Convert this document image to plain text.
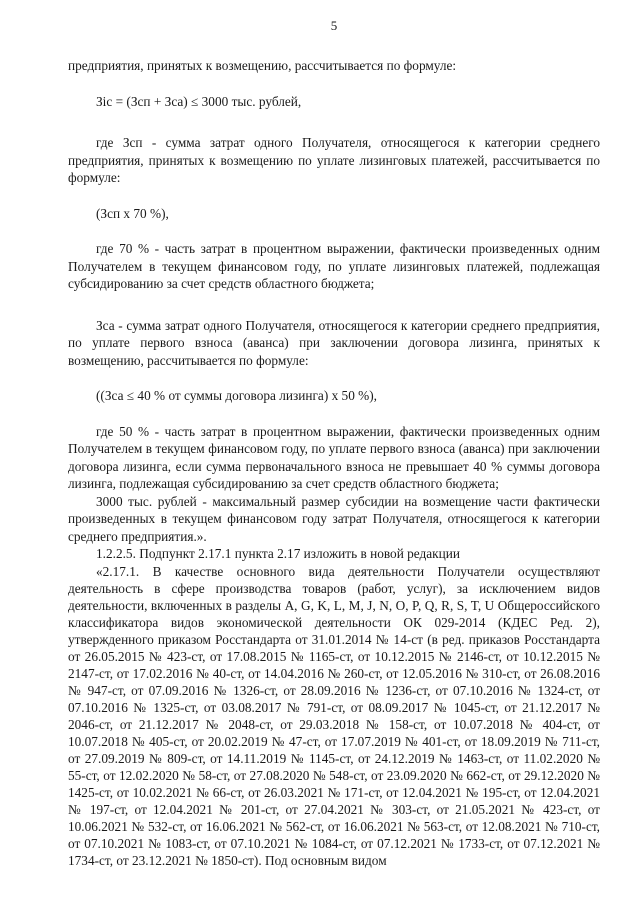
5

предприятия, принятых к возмещению, рассчитывается по формуле:

Зіс = (Зсп + Зса) ≤ 3000 тыс. рублей,

где Зсп - сумма затрат одного Получателя, относящегося к категории среднего предприятия, принятых к возмещению по уплате лизинговых платежей, рассчитывается по формуле:

(Зсп x 70 %),

где 70 % - часть затрат в процентном выражении, фактически произведенных одним Получателем в текущем финансовом году, по уплате лизинговых платежей, подлежащая субсидированию за счет средств областного бюджета;

Зса - сумма затрат одного Получателя, относящегося к категории среднего предприятия, по уплате первого взноса (аванса) при заключении договора лизинга, принятых к возмещению, рассчитывается по формуле:

((Зса ≤ 40 % от суммы договора лизинга) x 50 %),

где 50 % - часть затрат в процентном выражении, фактически произведенных одним Получателем в текущем финансовом году, по уплате первого взноса (аванса) при заключении договора лизинга, если сумма первоначального взноса не превышает 40 % суммы договора лизинга, подлежащая субсидированию за счет средств областного бюджета;

3000 тыс. рублей - максимальный размер субсидии на возмещение части фактически произведенных в текущем финансовом году затрат Получателя, относящегося к категории среднего предприятия.».

1.2.2.5. Подпункт 2.17.1 пункта 2.17 изложить в новой редакции

«2.17.1. В качестве основного вида деятельности Получатели осуществляют деятельность в сфере производства товаров (работ, услуг), за исключением видов деятельности, включенных в разделы A, G, K, L, M, J, N, O, P, Q, R, S, T, U Общероссийского классификатора видов экономической деятельности ОК 029-2014 (КДЕС Ред. 2), утвержденного приказом Росстандарта от 31.01.2014 № 14-ст (в ред. приказов Росстандарта от 26.05.2015 № 423-ст, от 17.08.2015 № 1165-ст, от 10.12.2015 № 2146-ст, от 10.12.2015 № 2147-ст, от 17.02.2016 № 40-ст, от 14.04.2016 № 260-ст, от 12.05.2016 № 310-ст, от 26.08.2016 № 947-ст, от 07.09.2016 № 1326-ст, от 28.09.2016 № 1236-ст, от 07.10.2016 № 1324-ст, от 07.10.2016 № 1325-ст, от 03.08.2017 № 791-ст, от 08.09.2017 № 1045-ст, от 21.12.2017 № 2046-ст, от 21.12.2017 № 2048-ст, от 29.03.2018 № 158-ст, от 10.07.2018 № 404-ст, от 10.07.2018 № 405-ст, от 20.02.2019 № 47-ст, от 17.07.2019 № 401-ст, от 18.09.2019 № 711-ст, от 27.09.2019 № 809-ст, от 14.11.2019 № 1145-ст, от 24.12.2019 № 1463-ст, от 11.02.2020 № 55-ст, от 12.02.2020 № 58-ст, от 27.08.2020 № 548-ст, от 23.09.2020 № 662-ст, от 29.12.2020 № 1425-ст, от 10.02.2021 № 66-ст, от 26.03.2021 № 171-ст, от 12.04.2021 № 195-ст, от 12.04.2021 № 197-ст, от 12.04.2021 № 201-ст, от 27.04.2021 № 303-ст, от 21.05.2021 № 423-ст, от 10.06.2021 № 532-ст, от 16.06.2021 № 562-ст, от 16.06.2021 № 563-ст, от 12.08.2021 № 710-ст, от 07.10.2021 № 1083-ст, от 07.10.2021 № 1084-ст, от 07.12.2021 № 1733-ст, от 07.12.2021 № 1734-ст, от 23.12.2021 № 1850-ст). Под основным видом
